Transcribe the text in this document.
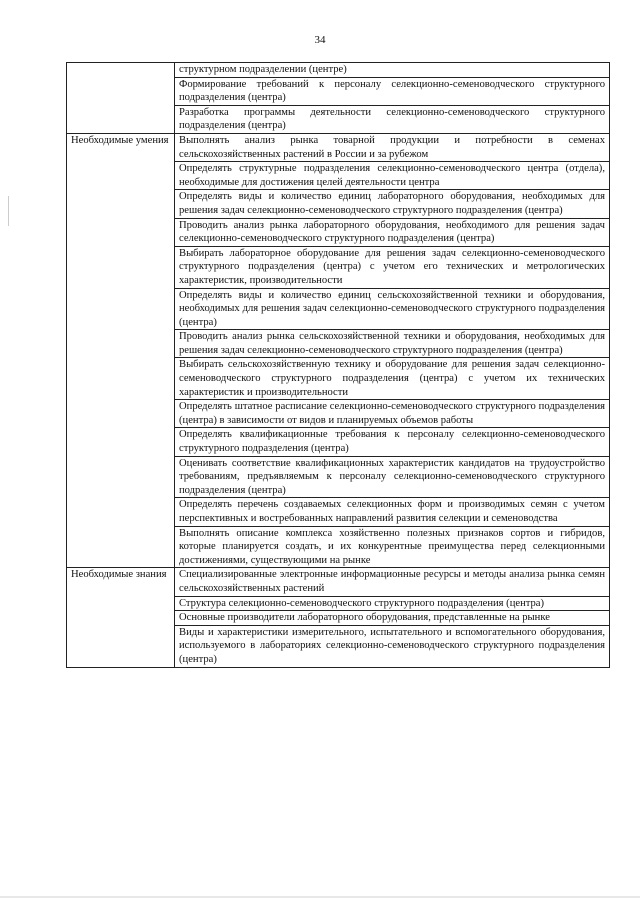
34
	структурном подразделении (центре)
	Формирование требований к персоналу селекционно-семеноводческого структурного подразделения (центра)
	Разработка программы деятельности селекционно-семеноводческого структурного подразделения (центра)
Необходимые умения	Выполнять анализ рынка товарной продукции и потребности в семенах сельскохозяйственных растений в России и за рубежом
	Определять структурные подразделения селекционно-семеноводческого центра (отдела), необходимые для достижения целей деятельности центра
	Определять виды и количество единиц лабораторного оборудования, необходимых для решения задач селекционно-семеноводческого структурного подразделения (центра)
	Проводить анализ рынка лабораторного оборудования, необходимого для решения задач селекционно-семеноводческого структурного подразделения (центра)
	Выбирать лабораторное оборудование для решения задач селекционно-семеноводческого структурного подразделения (центра) с учетом его технических и метрологических характеристик, производительности
	Определять виды и количество единиц сельскохозяйственной техники и оборудования, необходимых для решения задач селекционно-семеноводческого структурного подразделения (центра)
	Проводить анализ рынка сельскохозяйственной техники и оборудования, необходимых для решения задач селекционно-семеноводческого структурного подразделения (центра)
	Выбирать сельскохозяйственную технику и оборудование для решения задач селекционно-семеноводческого структурного подразделения (центра) с учетом их технических характеристик и производительности
	Определять штатное расписание селекционно-семеноводческого структурного подразделения (центра) в зависимости от видов и планируемых объемов работы
	Определять квалификационные требования к персоналу селекционно-семеноводческого структурного подразделения (центра)
	Оценивать соответствие квалификационных характеристик кандидатов на трудоустройство требованиям, предъявляемым к персоналу селекционно-семеноводческого структурного подразделения (центра)
	Определять перечень создаваемых селекционных форм и производимых семян с учетом перспективных и востребованных направлений развития селекции и семеноводства
	Выполнять описание комплекса хозяйственно полезных признаков сортов и гибридов, которые планируется создать, и их конкурентные преимущества перед селекционными достижениями, существующими на рынке
Необходимые знания	Специализированные электронные информационные ресурсы и методы анализа рынка семян сельскохозяйственных растений
	Структура селекционно-семеноводческого структурного подразделения (центра)
	Основные производители лабораторного оборудования, представленные на рынке
	Виды и характеристики измерительного, испытательного и вспомогательного оборудования, используемого в лабораториях селекционно-семеноводческого структурного подразделения (центра)
